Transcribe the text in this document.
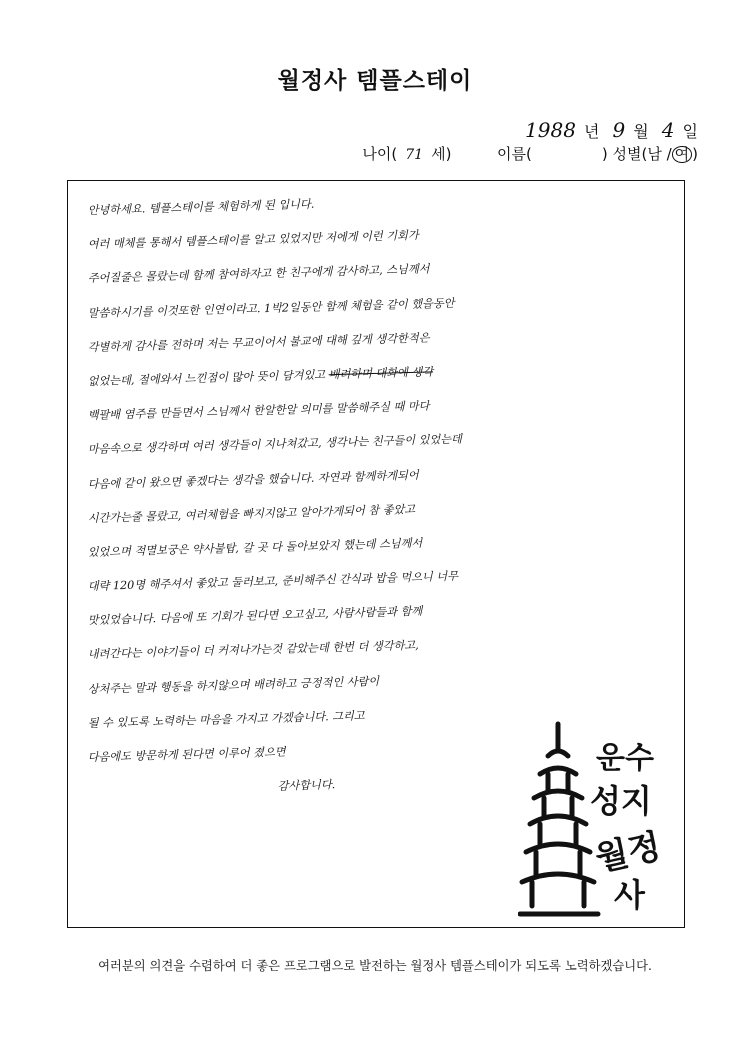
월정사 템플스테이
1988 년 9 월 4 일
나이( 71 세)	이름(	) 성별(남 / 여 )
안녕하세요. 템플스테이를 체험하게 된 입니다.
여러 매체를 통해서 템플스테이를 알고 있었지만 저에게 이런 기회가
주어질줄은 몰랐는데 함께 참여하자고 한 친구에게 감사하고, 스님께서
말씀하시기를 이것또한 인연이라고. 1박2일동안 함께 체험을 같이 했을동안
각별하게 감사를 전하며 저는 무교이어서 불교에 대해 깊게 생각한적은
없었는데, 절에와서 느낀점이 많아 뜻이 담겨있고 배려하며 대화에 생각
백팔배 염주를 만들면서 스님께서 한알한알 의미를 말씀해주실 때 마다
마음속으로 생각하며 여러 생각들이 지나쳐갔고, 생각나는 친구들이 있었는데
다음에 같이 왔으면 좋겠다는 생각을 했습니다. 자연과 함께하게되어
시간가는줄 몰랐고, 여러체험을 빠지지않고 알아가게되어 참 좋았고
있었으며 적멸보궁은 약사불탑, 갈 곳 다 돌아보았지 했는데 스님께서
대략 120명 해주셔서 좋았고 둘러보고, 준비해주신 간식과 밥을 먹으니 너무
맛있었습니다. 다음에 또 기회가 된다면 오고싶고, 사람사람들과 함께
내려간다는 이야기들이 더 커져나가는것 같았는데 한번 더 생각하고,
상처주는 말과 행동을 하지않으며 배려하고 긍정적인 사람이
될 수 있도록 노력하는 마음을 가지고 가겠습니다. 그리고
다음에도 방문하게 된다면 이루어 졌으면
감사합니다.
운수
성지
월정
사
여러분의 의견을 수렴하여 더 좋은 프로그램으로 발전하는 월정사 템플스테이가 되도록 노력하겠습니다.
